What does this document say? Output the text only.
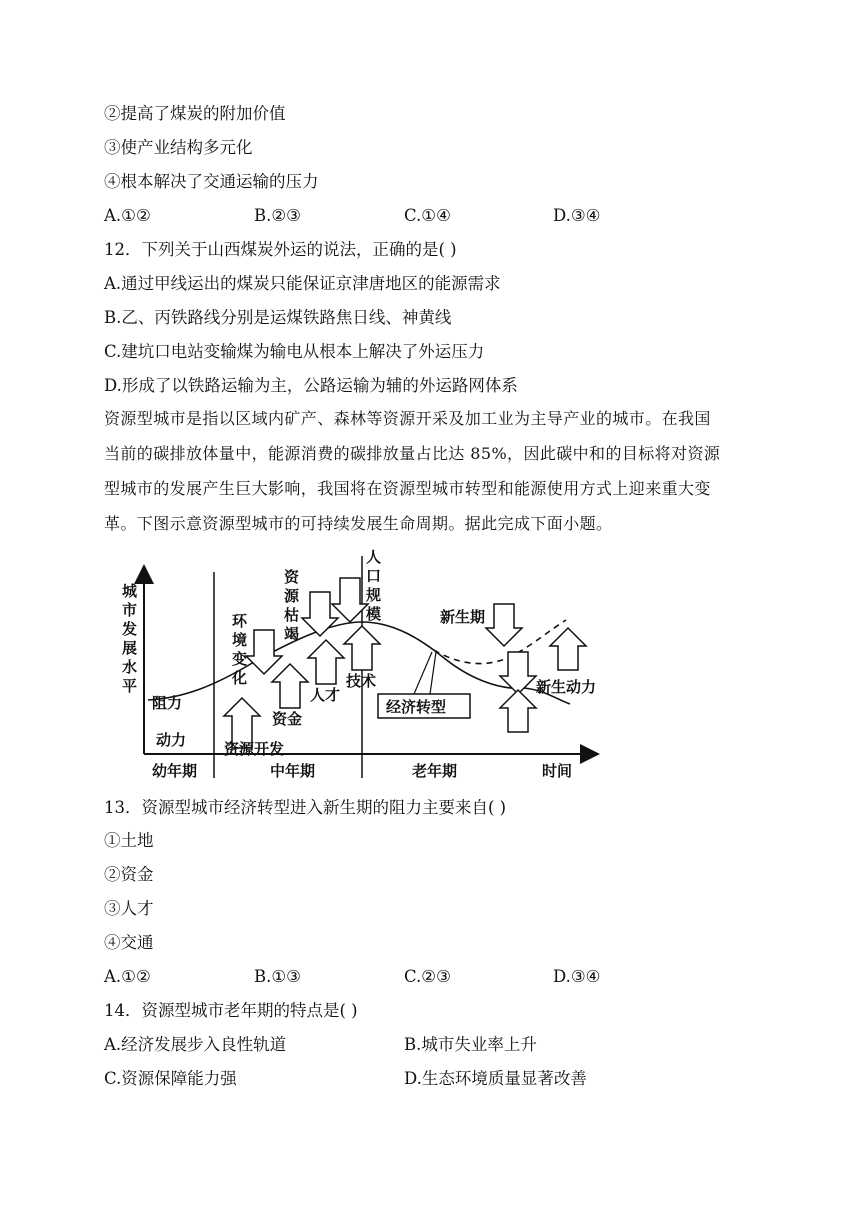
②提高了煤炭的附加价值
③使产业结构多元化
④根本解决了交通运输的压力
A.①②	B.②③	C.①④	D.③④
12．下列关于山西煤炭外运的说法，正确的是( )
A.通过甲线运出的煤炭只能保证京津唐地区的能源需求
B.乙、丙铁路线分别是运煤铁路焦日线、神黄线
C.建坑口电站变输煤为输电从根本上解决了外运压力
D.形成了以铁路运输为主，公路运输为辅的外运路网体系
资源型城市是指以区域内矿产、森林等资源开采及加工业为主导产业的城市。在我国
当前的碳排放体量中，能源消费的碳排放量占比达 85%，因此碳中和的目标将对资源
型城市的发展产生巨大影响，我国将在资源型城市转型和能源使用方式上迎来重大变
革。下图示意资源型城市的可持续发展生命周期。据此完成下面小题。
城市发展水平
阻力
动力	资源开发
资金
环境变化
资源枯竭
人才
技术
人口规模
经济转型
新生期
新生动力
幼年期	中年期	老年期	时间
13．资源型城市经济转型进入新生期的阻力主要来自( )
①土地
②资金
③人才
④交通
A.①②	B.①③	C.②③	D.③④
14．资源型城市老年期的特点是( )
A.经济发展步入良性轨道	B.城市失业率上升
C.资源保障能力强	D.生态环境质量显著改善
